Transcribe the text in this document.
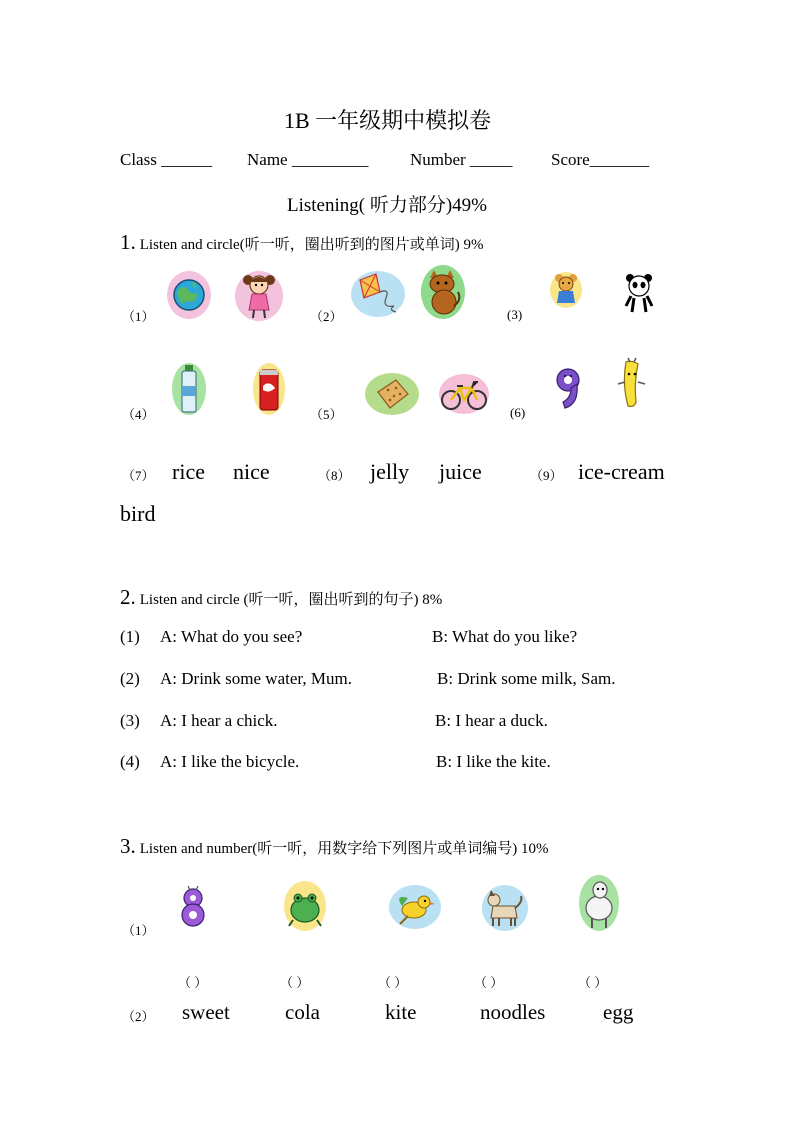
1B 一年级期中模拟卷
Class ______ Name _________ Number _____ Score_______
Listening( 听力部分)49%
1. Listen and circle(听一听，圈出听到的图片或单词) 9%
（1）	（2）	(3)
（4）	（5）	(6)
（7） rice nice	（8） jelly juice	（9） ice-cream
bird
2. Listen and circle (听一听，圈出听到的句子) 8%
(1) A: What do you see?	B: What do you like?
(2) A: Drink some water, Mum.	B: Drink some milk, Sam.
(3) A: I hear a chick.	B: I hear a duck.
(4) A: I like the bicycle.	B: I like the kite.
3. Listen and number(听一听，用数字给下列图片或单词编号) 10%
（1）
（ ）	（ ）	（ ）	（ ）	（ ）
（2） sweet	cola	kite	noodles	egg
